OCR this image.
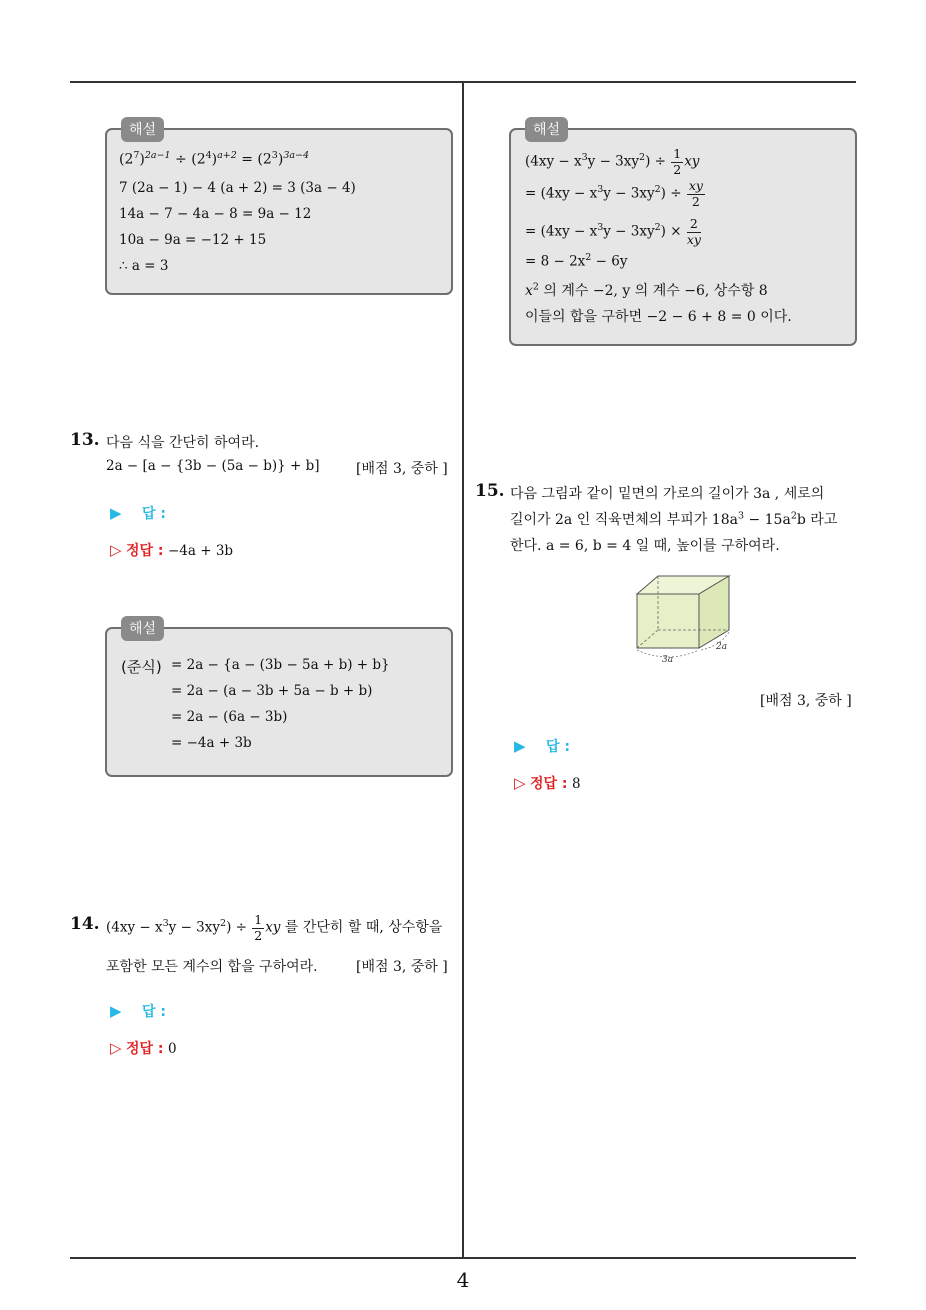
해설
$(2^7)^{2a-1} \div (2^4)^{a+2} = (2^3)^{3a-4}$
7 (2a − 1) − 4 (a + 2) = 3 (3a − 4)
14a − 7 − 4a − 8 = 9a − 12
10a − 9a = −12 + 15
∴ a = 3
13. 다음 식을 간단히 하여라.
2a − [a − {3b − (5a − b)} + b]	[배점 3, 중하 ]
▶ 답 :
▷ 정답 : −4a + 3b
해설
(준식) = 2a − {a − (3b − 5a + b) + b}
= 2a − (a − 3b + 5a − b + b)
= 2a − (6a − 3b)
= −4a + 3b
14. $(4xy - x^3y - 3xy^2) \div \frac{1}{2}$ xy 를 간단히 할 때, 상수항을
포함한 모든 계수의 합을 구하여라.	[배점 3, 중하 ]
▶ 답 :
▷ 정답 : 0
해설
$(4xy - x^3y - 3xy^2) \div \frac{1}{2}$ xy
= $(4xy - x^3y - 3xy^2) \div \frac{xy}{2}$
= $(4xy - x^3y - 3xy^2) \times \frac{2}{xy}$
= $8 - 2x^2 - 6y$
$x^2$ 의 계수 −2, y 의 계수 −6, 상수항 8
이들의 합을 구하면 −2 − 6 + 8 = 0 이다.
15. 다음 그림과 같이 밑면의 가로의 길이가 3a , 세로의
길이가 2a 인 직육면체의 부피가 $18a^3 - 15a^2b$ 라고
한다. a = 6, b = 4 일 때, 높이를 구하여라.
3a
2a
[배점 3, 중하 ]
▶ 답 :
▷ 정답 : 8
4
